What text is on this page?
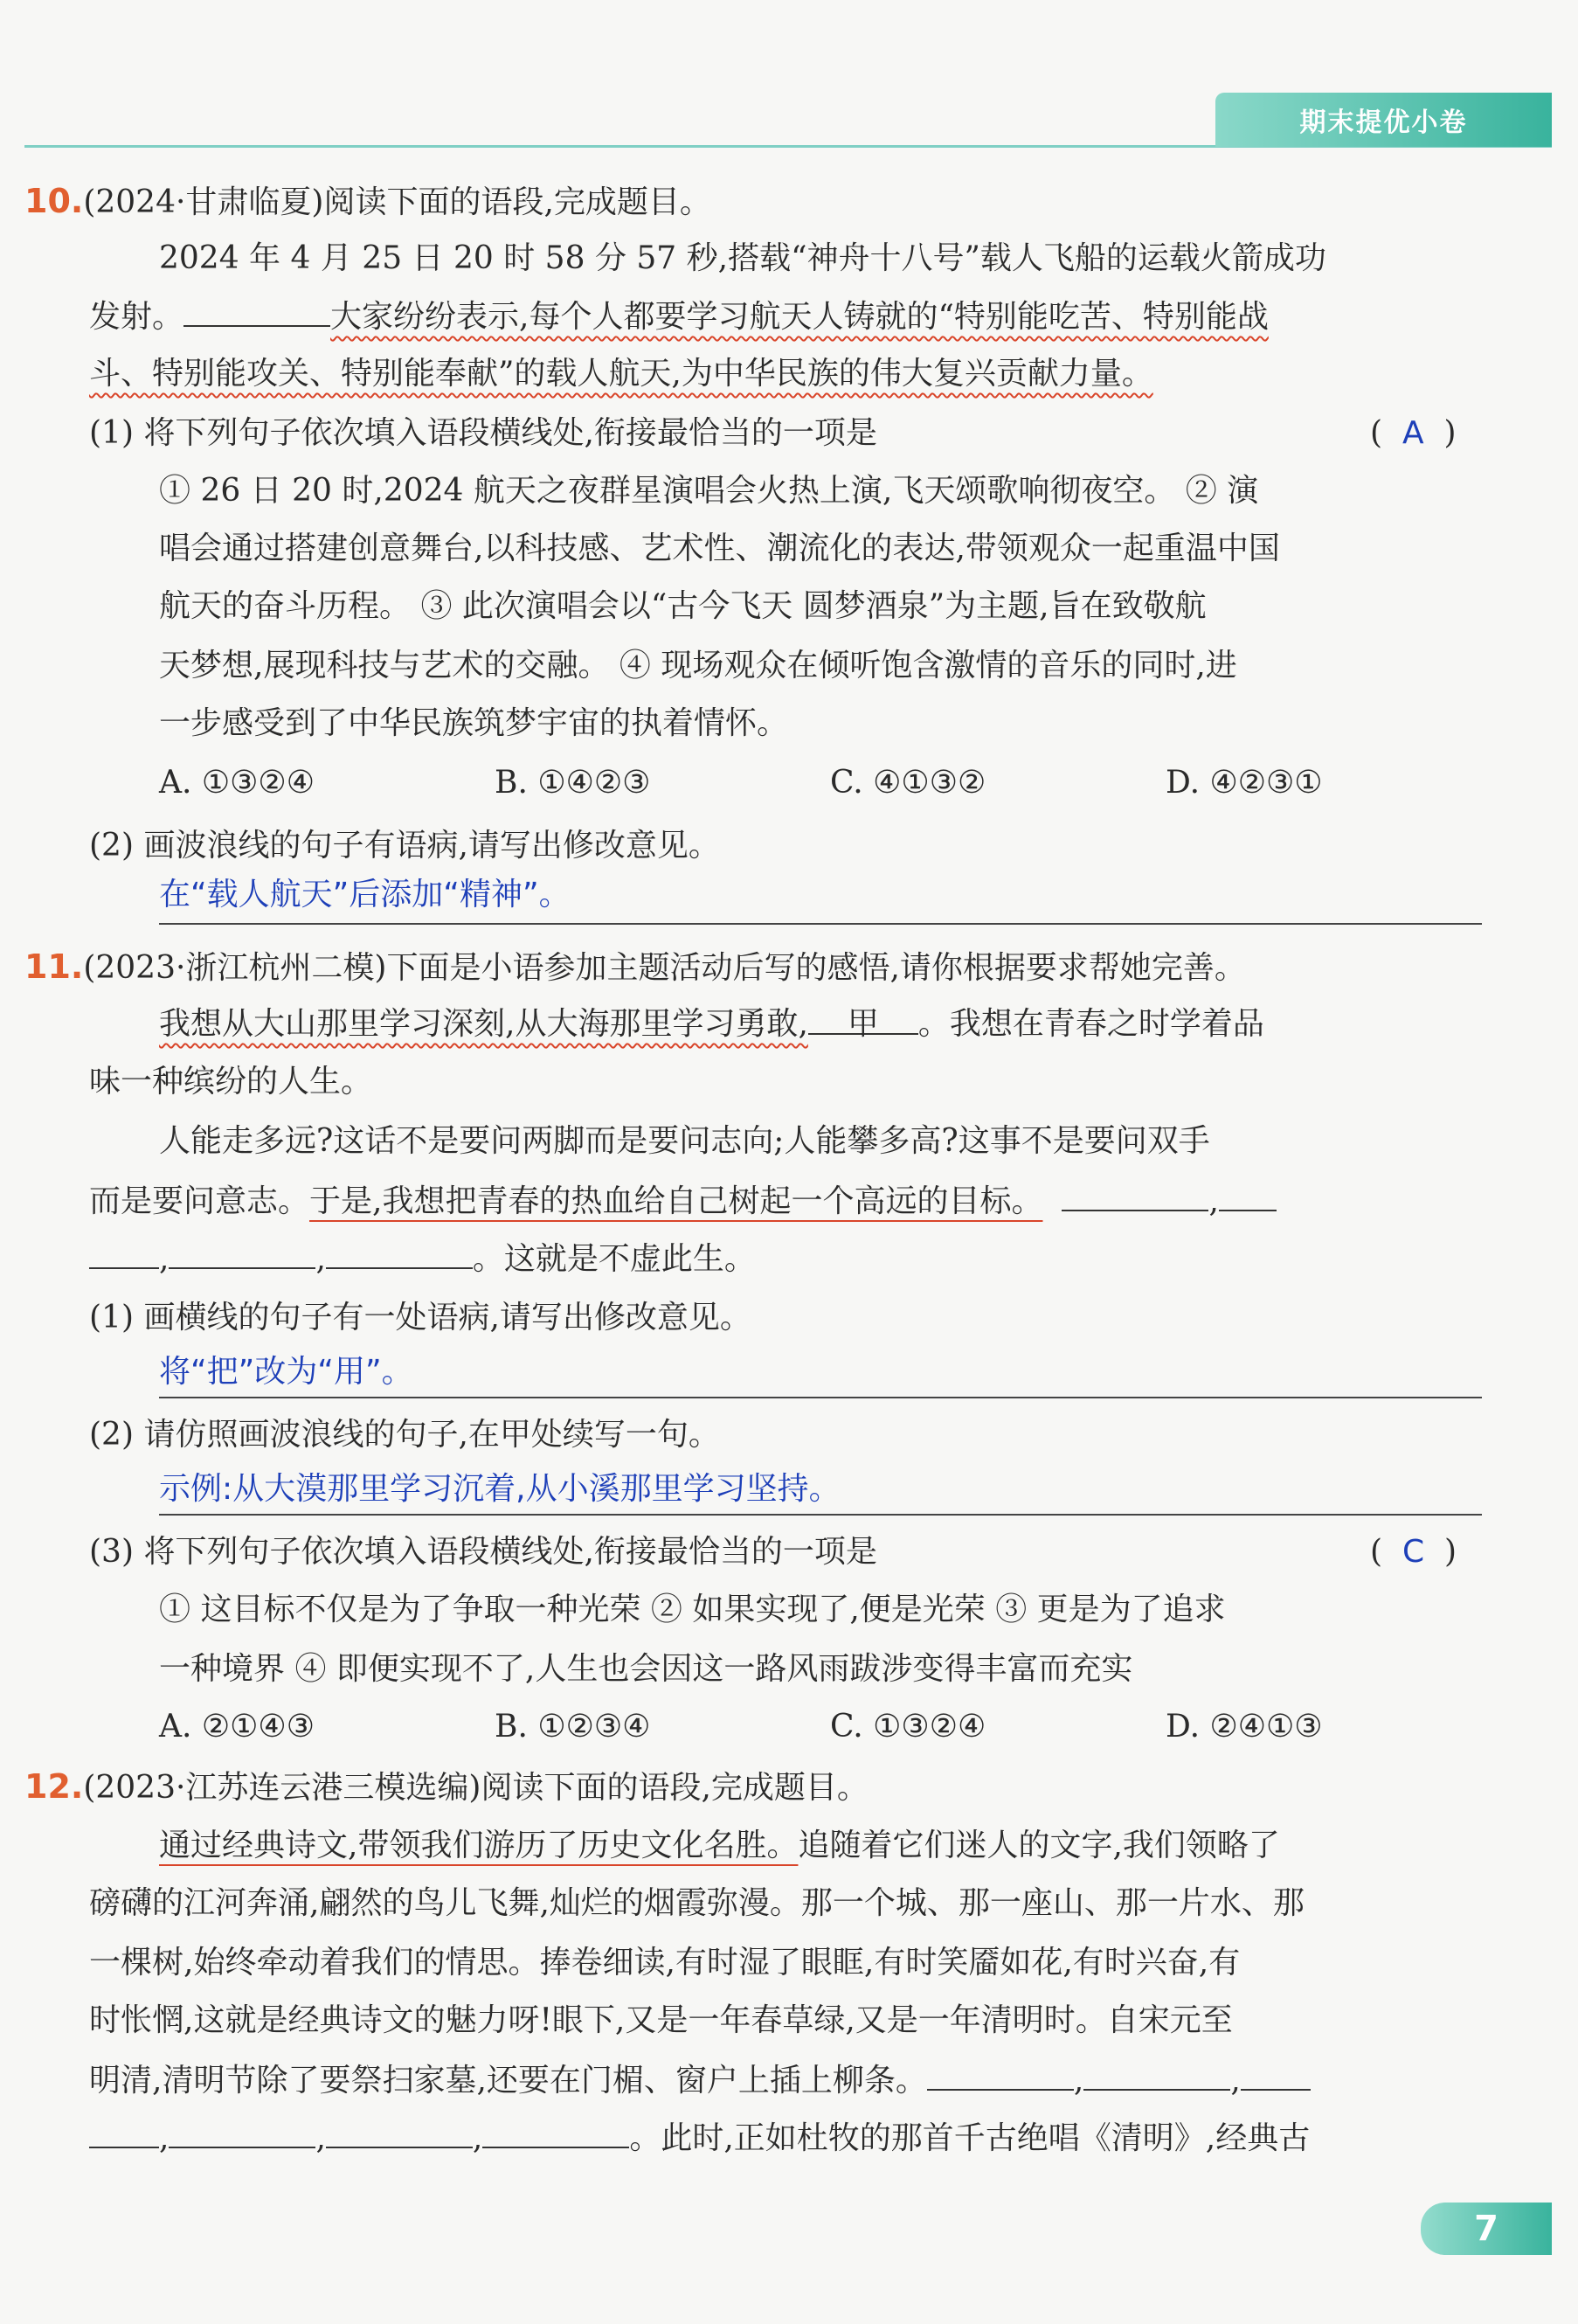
期末提优小卷
10.(2024·甘肃临夏)阅读下面的语段,完成题目。
2024 年 4 月 25 日 20 时 58 分 57 秒,搭载“神舟十八号”载人飞船的运载火箭成功
发射。	大家纷纷表示,每个人都要学习航天人铸就的“特别能吃苦、特别能战
斗、特别能攻关、特别能奉献”的载人航天,为中华民族的伟大复兴贡献力量。
(1) 将下列句子依次填入语段横线处,衔接最恰当的一项是	(  A  )
① 26 日 20 时,2024 航天之夜群星演唱会火热上演,飞天颂歌响彻夜空。 ② 演
唱会通过搭建创意舞台,以科技感、艺术性、潮流化的表达,带领观众一起重温中国
航天的奋斗历程。 ③ 此次演唱会以“古今飞天 圆梦酒泉”为主题,旨在致敬航
天梦想,展现科技与艺术的交融。 ④ 现场观众在倾听饱含激情的音乐的同时,进
一步感受到了中华民族筑梦宇宙的执着情怀。
A. ①③②④	B. ①④②③	C. ④①③②	D. ④②③①
(2) 画波浪线的句子有语病,请写出修改意见。
在“载人航天”后添加“精神”。
11.(2023·浙江杭州二模)下面是小语参加主题活动后写的感悟,请你根据要求帮她完善。
我想从大山那里学习深刻,从大海那里学习勇敢, 甲 。我想在青春之时学着品
味一种缤纷的人生。
人能走多远?这话不是要问两脚而是要问志向;人能攀多高?这事不是要问双手
而是要问意志。于是,我想把青春的热血给自己树起一个高远的目标。	,
,	,	。这就是不虚此生。
(1) 画横线的句子有一处语病,请写出修改意见。
将“把”改为“用”。
(2) 请仿照画波浪线的句子,在甲处续写一句。
示例:从大漠那里学习沉着,从小溪那里学习坚持。
(3) 将下列句子依次填入语段横线处,衔接最恰当的一项是	(  C  )
① 这目标不仅是为了争取一种光荣 ② 如果实现了,便是光荣 ③ 更是为了追求
一种境界 ④ 即便实现不了,人生也会因这一路风雨跋涉变得丰富而充实
A. ②①④③	B. ①②③④	C. ①③②④	D. ②④①③
12.(2023·江苏连云港三模选编)阅读下面的语段,完成题目。
通过经典诗文,带领我们游历了历史文化名胜。追随着它们迷人的文字,我们领略了
磅礴的江河奔涌,翩然的鸟儿飞舞,灿烂的烟霞弥漫。那一个城、那一座山、那一片水、那
一棵树,始终牵动着我们的情思。捧卷细读,有时湿了眼眶,有时笑靥如花,有时兴奋,有
时怅惘,这就是经典诗文的魅力呀!眼下,又是一年春草绿,又是一年清明时。自宋元至
明清,清明节除了要祭扫家墓,还要在门楣、窗户上插上柳条。	,	,
,	,	,	。此时,正如杜牧的那首千古绝唱《清明》,经典古
7
